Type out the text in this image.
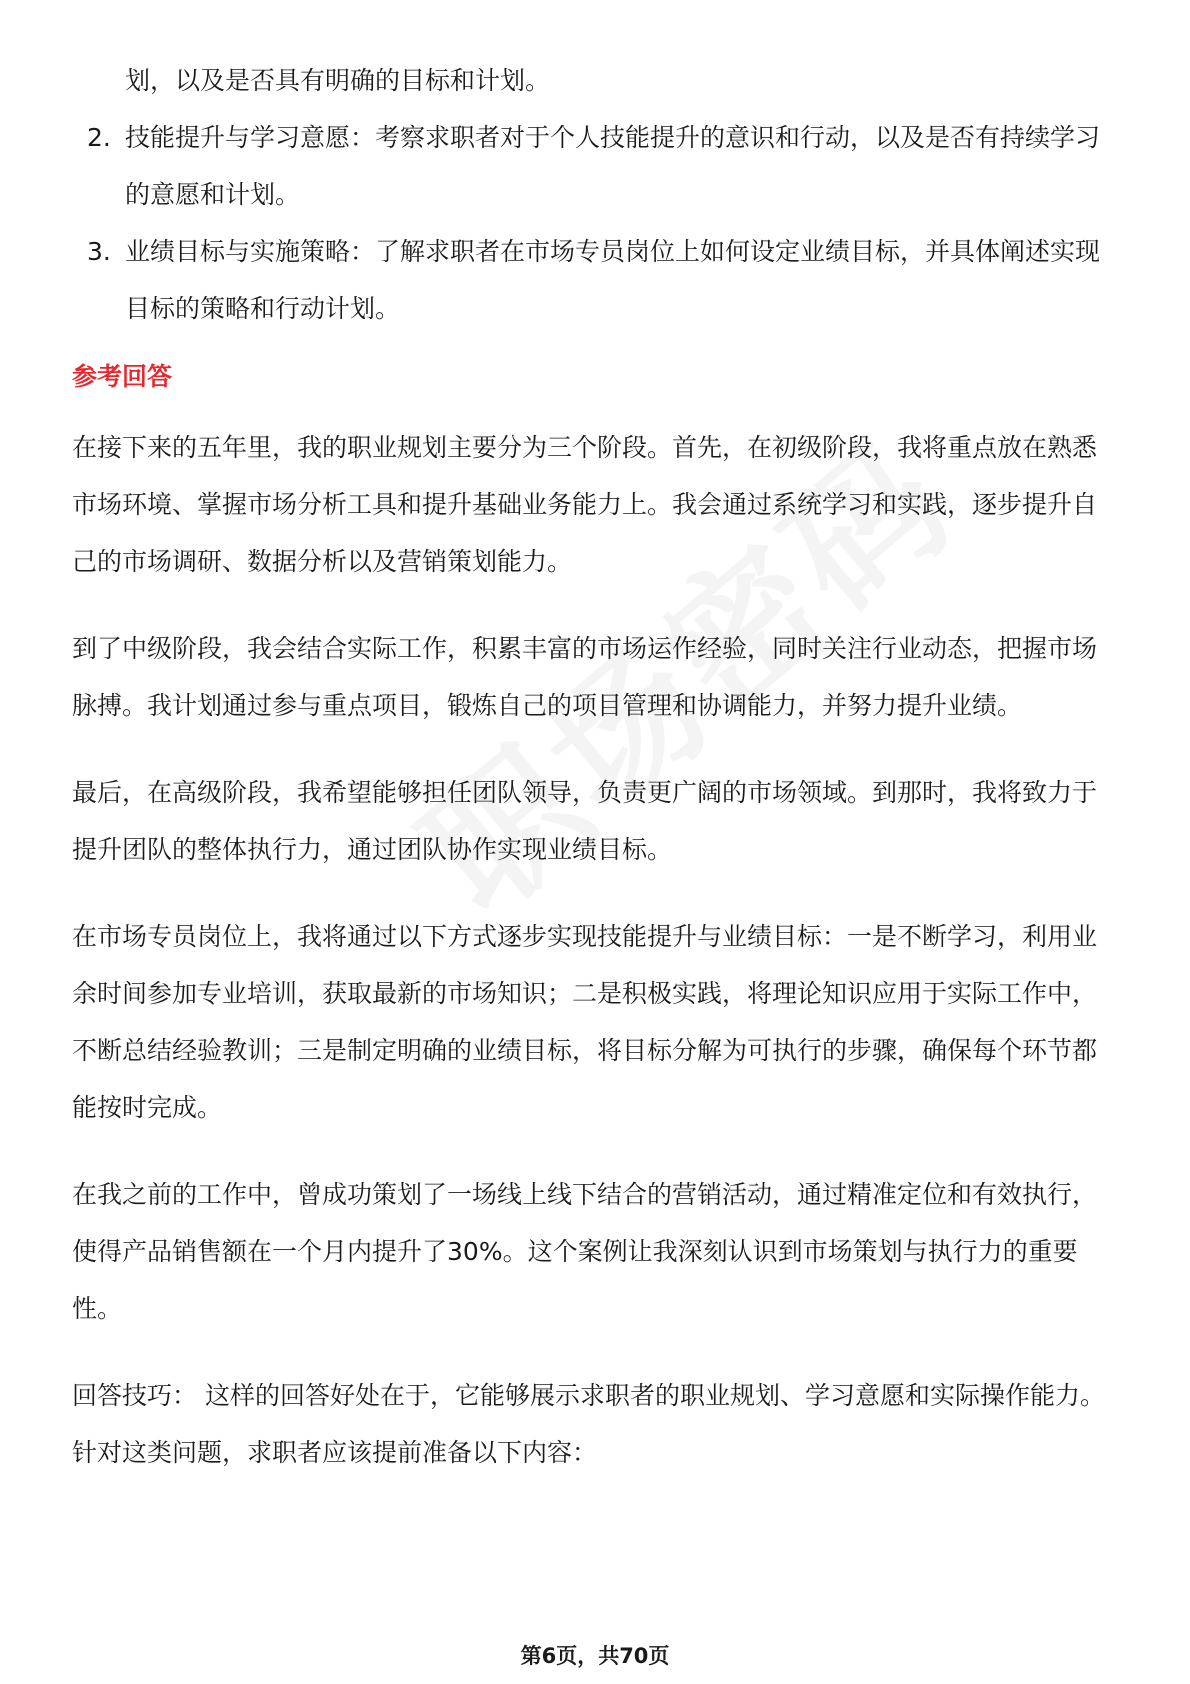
划，以及是否具有明确的目标和计划。
2. 技能提升与学习意愿：考察求职者对于个人技能提升的意识和行动，以及是否有持续学习的意愿和计划。
3. 业绩目标与实施策略：了解求职者在市场专员岗位上如何设定业绩目标，并具体阐述实现目标的策略和行动计划。
参考回答

在接下来的五年里，我的职业规划主要分为三个阶段。首先，在初级阶段，我将重点放在熟悉市场环境、掌握市场分析工具和提升基础业务能力上。我会通过系统学习和实践，逐步提升自己的市场调研、数据分析以及营销策划能力。

到了中级阶段，我会结合实际工作，积累丰富的市场运作经验，同时关注行业动态，把握市场脉搏。我计划通过参与重点项目，锻炼自己的项目管理和协调能力，并努力提升业绩。

最后，在高级阶段，我希望能够担任团队领导，负责更广阔的市场领域。到那时，我将致力于提升团队的整体执行力，通过团队协作实现业绩目标。

在市场专员岗位上，我将通过以下方式逐步实现技能提升与业绩目标：一是不断学习，利用业余时间参加专业培训，获取最新的市场知识；二是积极实践，将理论知识应用于实际工作中，不断总结经验教训；三是制定明确的业绩目标，将目标分解为可执行的步骤，确保每个环节都能按时完成。

在我之前的工作中，曾成功策划了一场线上线下结合的营销活动，通过精准定位和有效执行，使得产品销售额在一个月内提升了30%。这个案例让我深刻认识到市场策划与执行力的重要性。

回答技巧： 这样的回答好处在于，它能够展示求职者的职业规划、学习意愿和实际操作能力。针对这类问题，求职者应该提前准备以下内容：

第6页，共70页
